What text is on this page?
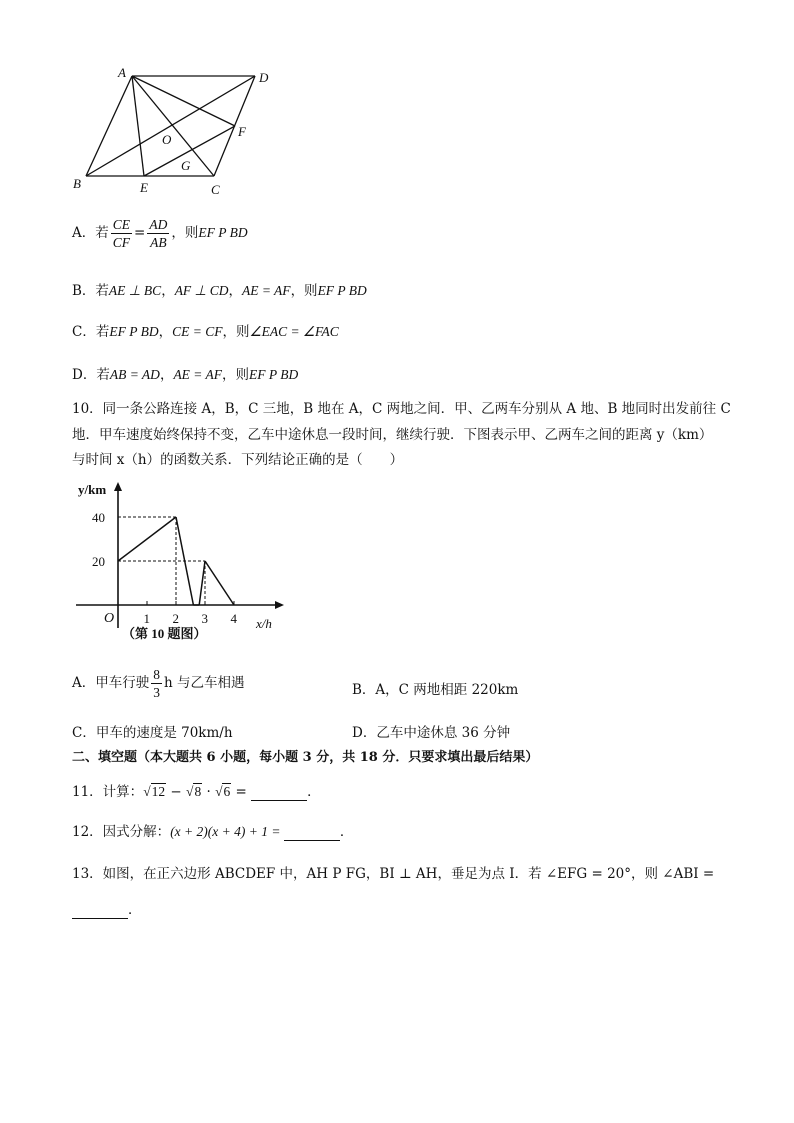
A	D
F
O
G
B	E	C
A．若 $\frac{CE}{CF} = \frac{AD}{AB}$ ，则EF P BD
B．若AE ⊥ BC，AF ⊥ CD，AE = AF，则EF P BD
C．若EF P BD，CE = CF，则∠EAC = ∠FAC
D．若AB = AD，AE = AF，则EF P BD
10．同一条公路连接 A，B，C 三地，B 地在 A，C 两地之间．甲、乙两车分别从 A 地、B 地同时出发前往 C
地．甲车速度始终保持不变，乙车中途休息一段时间，继续行驶．下图表示甲、乙两车之间的距离 y（km）
与时间 x（h）的函数关系．下列结论正确的是（　　）
1 2 3 4
20
40
y/km
x/h
O
（第 10 题图）
A．甲车行驶 $\frac{8}{3}$ h 与乙车相遇	B．A，C 两地相距 220km
C．甲车的速度是 70km/h	D．乙车中途休息 36 分钟
二、填空题（本大题共 6 小题，每小题 3 分，共 18 分．只要求填出最后结果）
11．计算：√12 − √8 · √6 =	．
12．因式分解：(x + 2)(x + 4) + 1 =	．
13．如图，在正六边形 ABCDEF 中，AH P FG，BI ⊥ AH，垂足为点 I．若 ∠EFG = 20°，则 ∠ABI =
．
